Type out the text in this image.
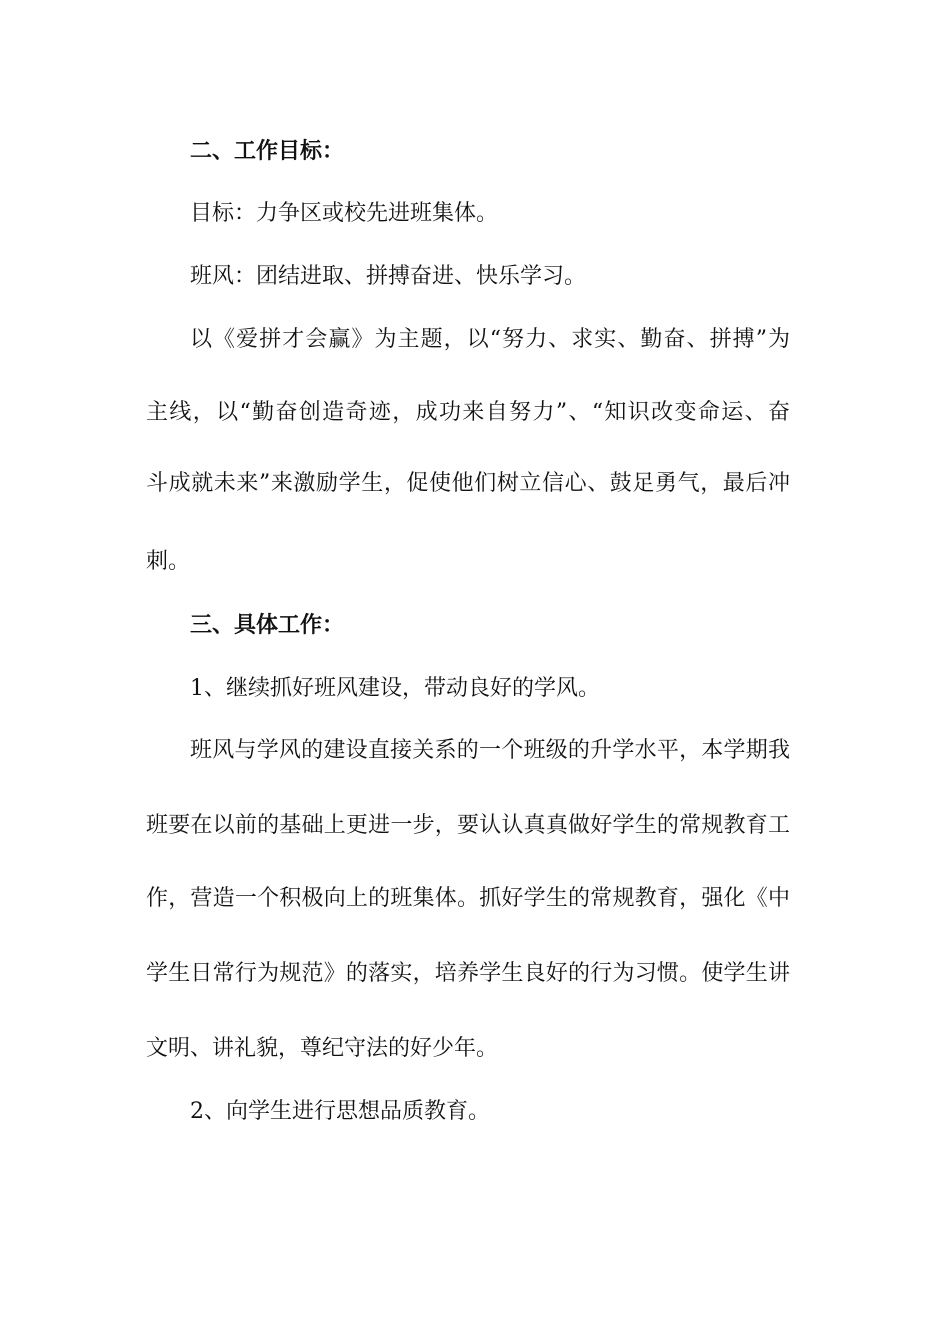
二、工作目标：
目标：力争区或校先进班集体。
班风：团结进取、拼搏奋进、快乐学习。
以《爱拼才会赢》为主题，以“努力、求实、勤奋、拼搏”为
主线，以“勤奋创造奇迹，成功来自努力”、“知识改变命运、奋
斗成就未来”来激励学生，促使他们树立信心、鼓足勇气，最后冲
刺。
三、具体工作：
1、继续抓好班风建设，带动良好的学风。
班风与学风的建设直接关系的一个班级的升学水平，本学期我
班要在以前的基础上更进一步，要认认真真做好学生的常规教育工
作，营造一个积极向上的班集体。抓好学生的常规教育，强化《中
学生日常行为规范》的落实，培养学生良好的行为习惯。使学生讲
文明、讲礼貌，尊纪守法的好少年。
2、向学生进行思想品质教育。
